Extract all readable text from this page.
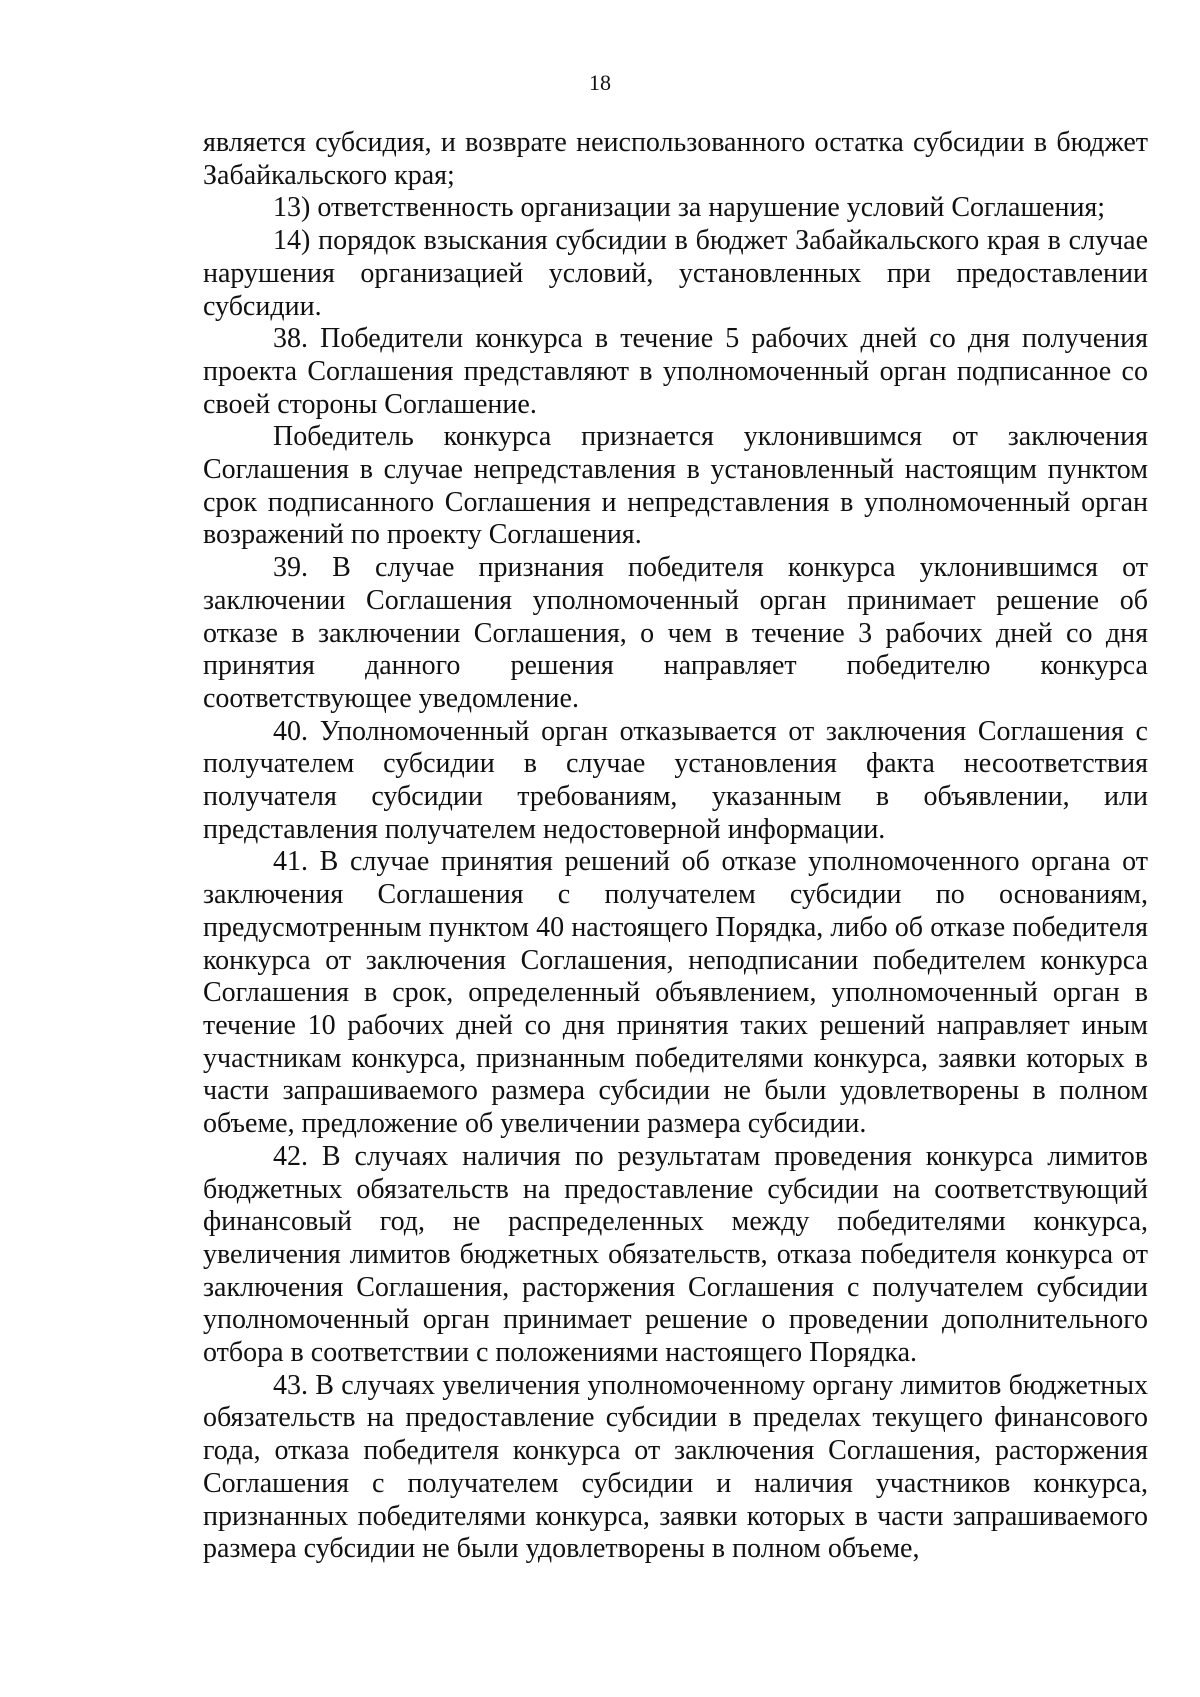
18

является субсидия, и возврате неиспользованного остатка субсидии в бюджет Забайкальского края;

13) ответственность организации за нарушение условий Соглашения;

14) порядок взыскания субсидии в бюджет Забайкальского края в случае нарушения организацией условий, установленных при предоставлении субсидии.

38. Победители конкурса в течение 5 рабочих дней со дня получения проекта Соглашения представляют в уполномоченный орган подписанное со своей стороны Соглашение.

Победитель конкурса признается уклонившимся от заключения Соглашения в случае непредставления в установленный настоящим пунктом срок подписанного Соглашения и непредставления в уполномоченный орган возражений по проекту Соглашения.

39. В случае признания победителя конкурса уклонившимся от заключении Соглашения уполномоченный орган принимает решение об отказе в заключении Соглашения, о чем в течение 3 рабочих дней со дня принятия данного решения направляет победителю конкурса соответствующее уведомление.

40. Уполномоченный орган отказывается от заключения Соглашения с получателем субсидии в случае установления факта несоответствия получателя субсидии требованиям, указанным в объявлении, или представления получателем недостоверной информации.

41. В случае принятия решений об отказе уполномоченного органа от заключения Соглашения с получателем субсидии по основаниям, предусмотренным пунктом 40 настоящего Порядка, либо об отказе победителя конкурса от заключения Соглашения, неподписании победителем конкурса Соглашения в срок, определенный объявлением, уполномоченный орган в течение 10 рабочих дней со дня принятия таких решений направляет иным участникам конкурса, признанным победителями конкурса, заявки которых в части запрашиваемого размера субсидии не были удовлетворены в полном объеме, предложение об увеличении размера субсидии.

42. В случаях наличия по результатам проведения конкурса лимитов бюджетных обязательств на предоставление субсидии на соответствующий финансовый год, не распределенных между победителями конкурса, увеличения лимитов бюджетных обязательств, отказа победителя конкурса от заключения Соглашения, расторжения Соглашения с получателем субсидии уполномоченный орган принимает решение о проведении дополнительного отбора в соответствии с положениями настоящего Порядка.

43. В случаях увеличения уполномоченному органу лимитов бюджетных обязательств на предоставление субсидии в пределах текущего финансового года, отказа победителя конкурса от заключения Соглашения, расторжения Соглашения с получателем субсидии и наличия участников конкурса, признанных победителями конкурса, заявки которых в части запрашиваемого размера субсидии не были удовлетворены в полном объеме,
